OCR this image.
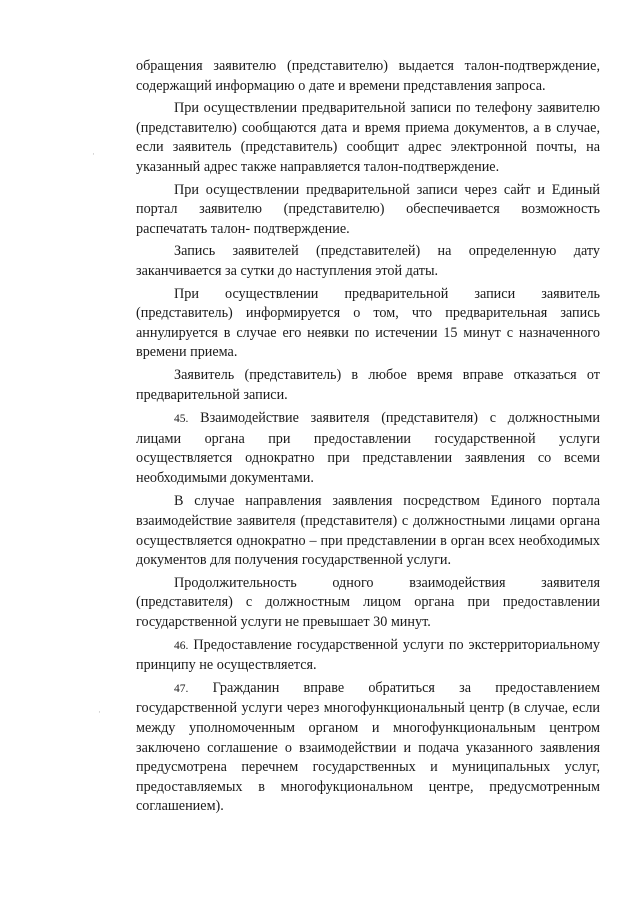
·
·

обращения заявителю (представителю) выдается талон-подтверждение, содержащий информацию о дате и времени представления запроса.

При осуществлении предварительной записи по телефону заявителю (представителю) сообщаются дата и время приема документов, а в случае, если заявитель (представитель) сообщит адрес электронной почты, на указанный адрес также направляется талон-подтверждение.

При осуществлении предварительной записи через сайт и Единый портал заявителю (представителю) обеспечивается возможность распечатать талон- подтверждение.

Запись заявителей (представителей) на определенную дату заканчивается за сутки до наступления этой даты.

При осуществлении предварительной записи заявитель (представитель) информируется о том, что предварительная запись аннулируется в случае его неявки по истечении 15 минут с назначенного времени приема.

Заявитель (представитель) в любое время вправе отказаться от предварительной записи.

45. Взаимодействие заявителя (представителя) с должностными лицами органа при предоставлении государственной услуги осуществляется однократно при представлении заявления со всеми необходимыми документами.

В случае направления заявления посредством Единого портала взаимодействие заявителя (представителя) с должностными лицами органа осуществляется однократно – при представлении в орган всех необходимых документов для получения государственной услуги.

Продолжительность одного взаимодействия заявителя (представителя) с должностным лицом органа при предоставлении государственной услуги не превышает 30 минут.

46. Предоставление государственной услуги по экстерриториальному принципу не осуществляется.

47. Гражданин вправе обратиться за предоставлением государственной услуги через многофункциональный центр (в случае, если между уполномоченным органом и многофункциональным центром заключено соглашение о взаимодействии и подача указанного заявления предусмотрена перечнем государственных и муниципальных услуг, предоставляемых в многофукциональном центре, предусмотренным соглашением).
